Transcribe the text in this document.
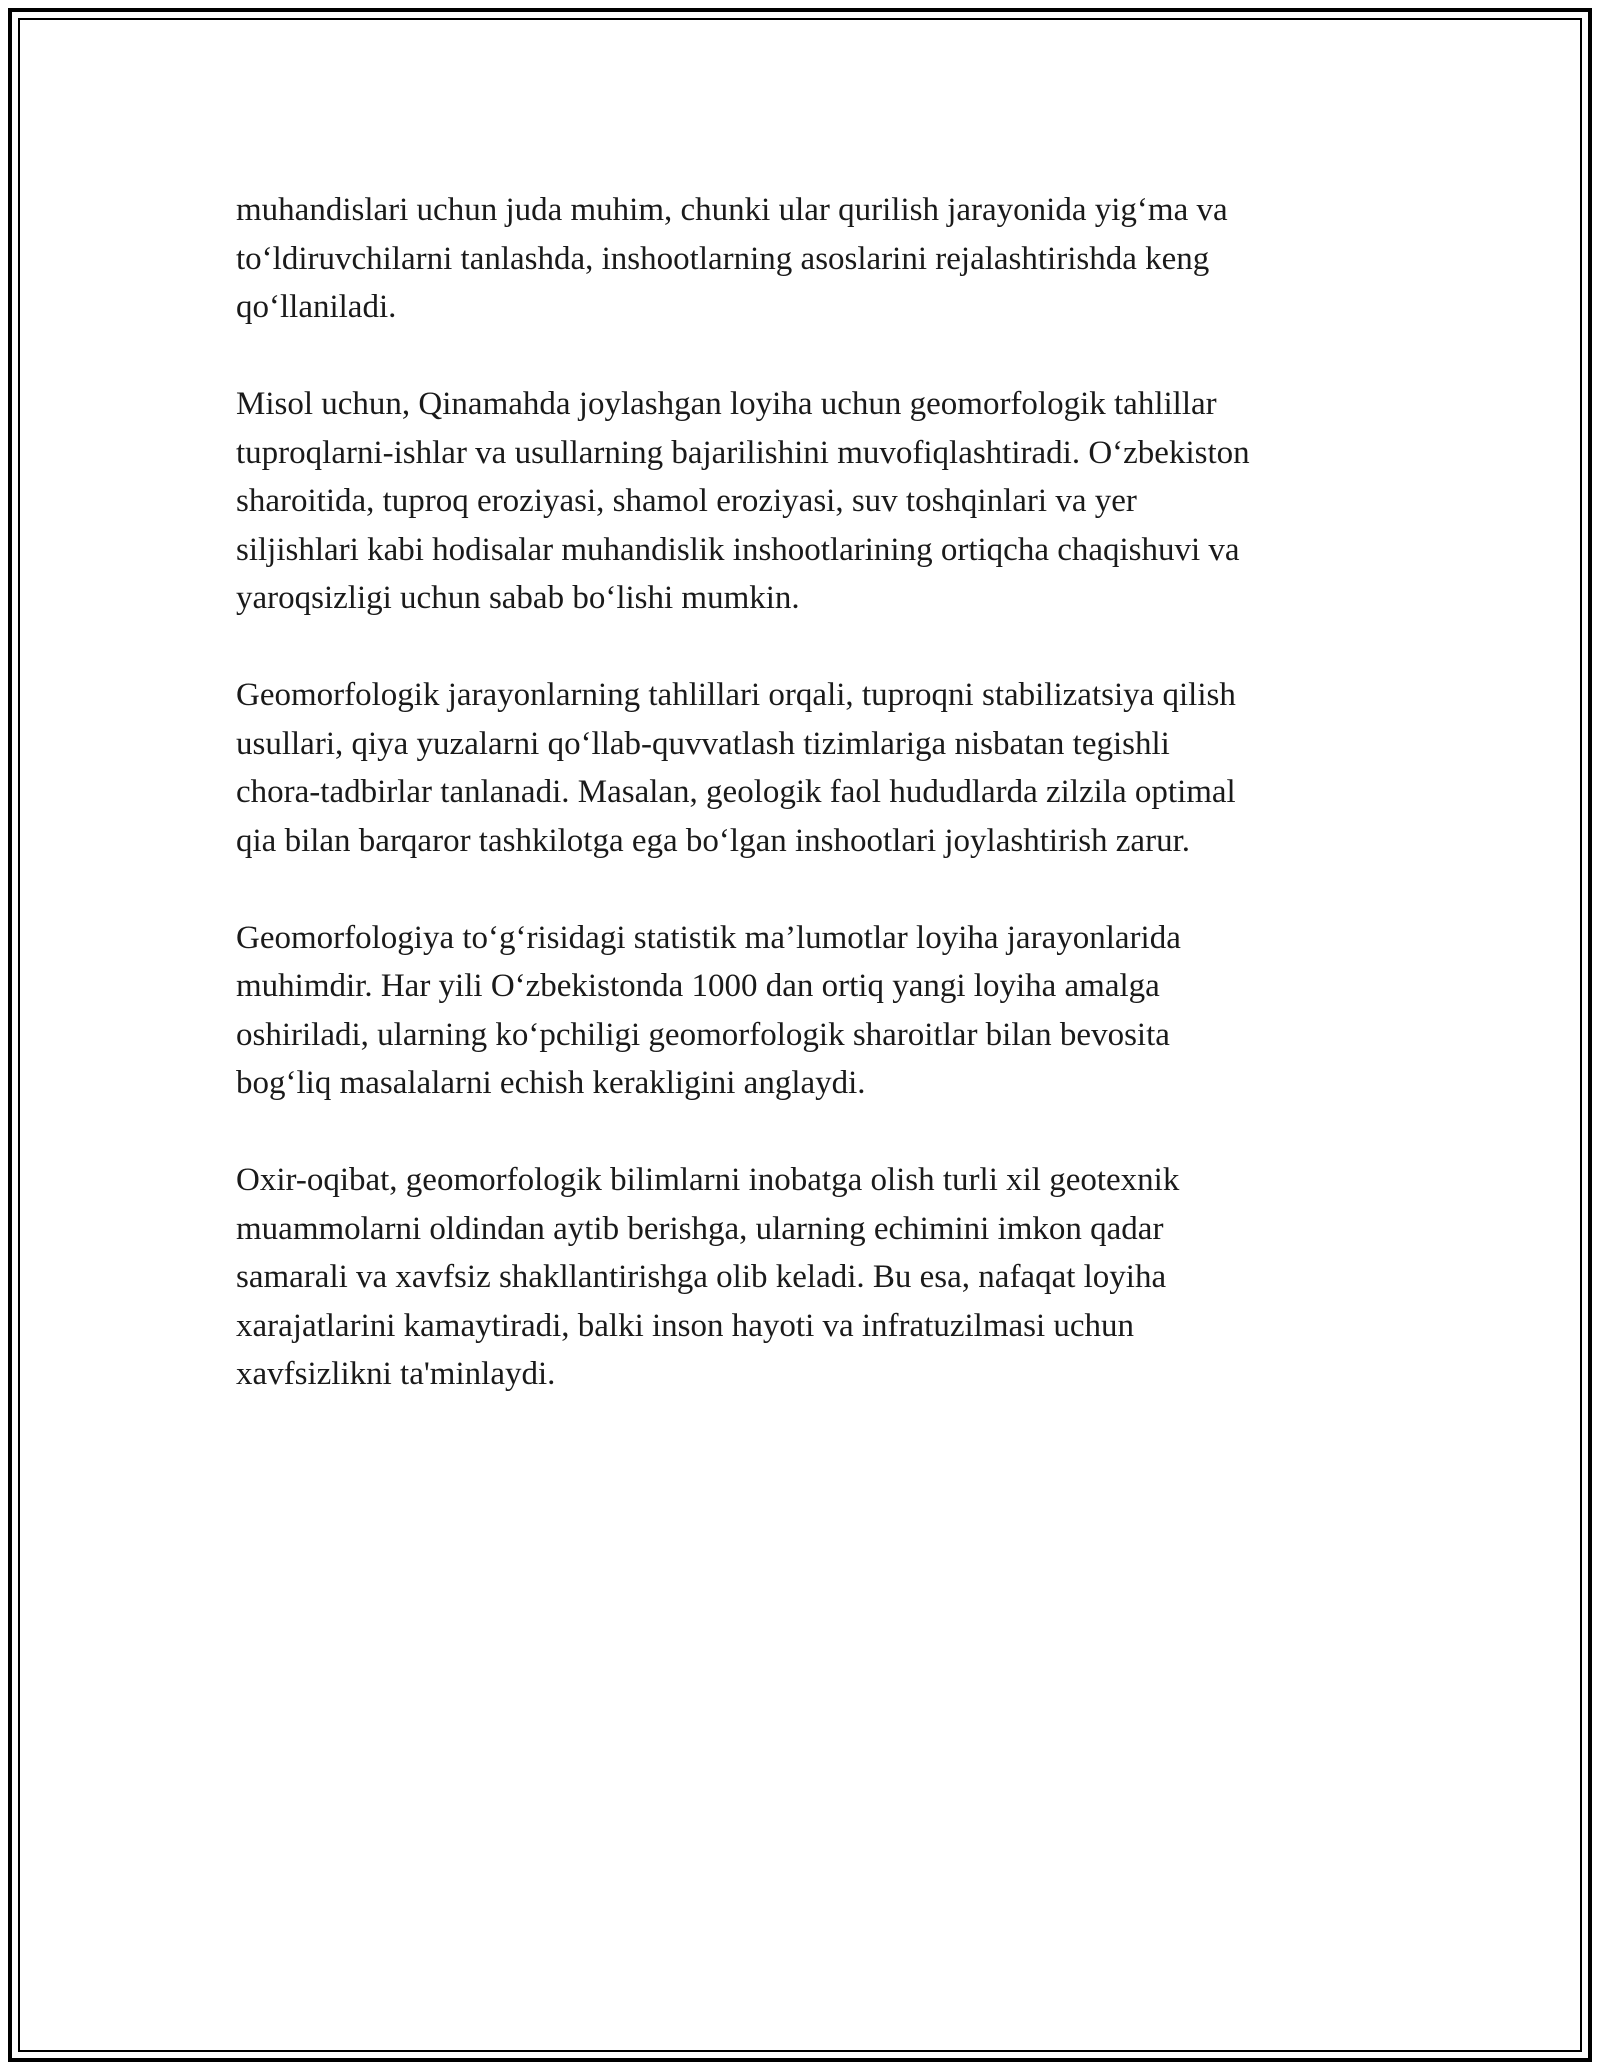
muhandislari uchun juda muhim, chunki ular qurilish jarayonida yig‘ma va
to‘ldiruvchilarni tanlashda, inshootlarning asoslarini rejalashtirishda keng
qo‘llaniladi.

Misol uchun, Qinamahda joylashgan loyiha uchun geomorfologik tahlillar
tuproqlarni-ishlar va usullarning bajarilishini muvofiqlashtiradi. O‘zbekiston
sharoitida, tuproq eroziyasi, shamol eroziyasi, suv toshqinlari va yer
siljishlari kabi hodisalar muhandislik inshootlarining ortiqcha chaqishuvi va
yaroqsizligi uchun sabab bo‘lishi mumkin.

Geomorfologik jarayonlarning tahlillari orqali, tuproqni stabilizatsiya qilish
usullari, qiya yuzalarni qo‘llab-quvvatlash tizimlariga nisbatan tegishli
chora-tadbirlar tanlanadi. Masalan, geologik faol hududlarda zilzila optimal
qia bilan barqaror tashkilotga ega bo‘lgan inshootlari joylashtirish zarur.

Geomorfologiya to‘g‘risidagi statistik ma’lumotlar loyiha jarayonlarida
muhimdir. Har yili O‘zbekistonda 1000 dan ortiq yangi loyiha amalga
oshiriladi, ularning ko‘pchiligi geomorfologik sharoitlar bilan bevosita
bog‘liq masalalarni echish kerakligini anglaydi.

Oxir-oqibat, geomorfologik bilimlarni inobatga olish turli xil geotexnik
muammolarni oldindan aytib berishga, ularning echimini imkon qadar
samarali va xavfsiz shakllantirishga olib keladi. Bu esa, nafaqat loyiha
xarajatlarini kamaytiradi, balki inson hayoti va infratuzilmasi uchun
xavfsizlikni ta'minlaydi.
